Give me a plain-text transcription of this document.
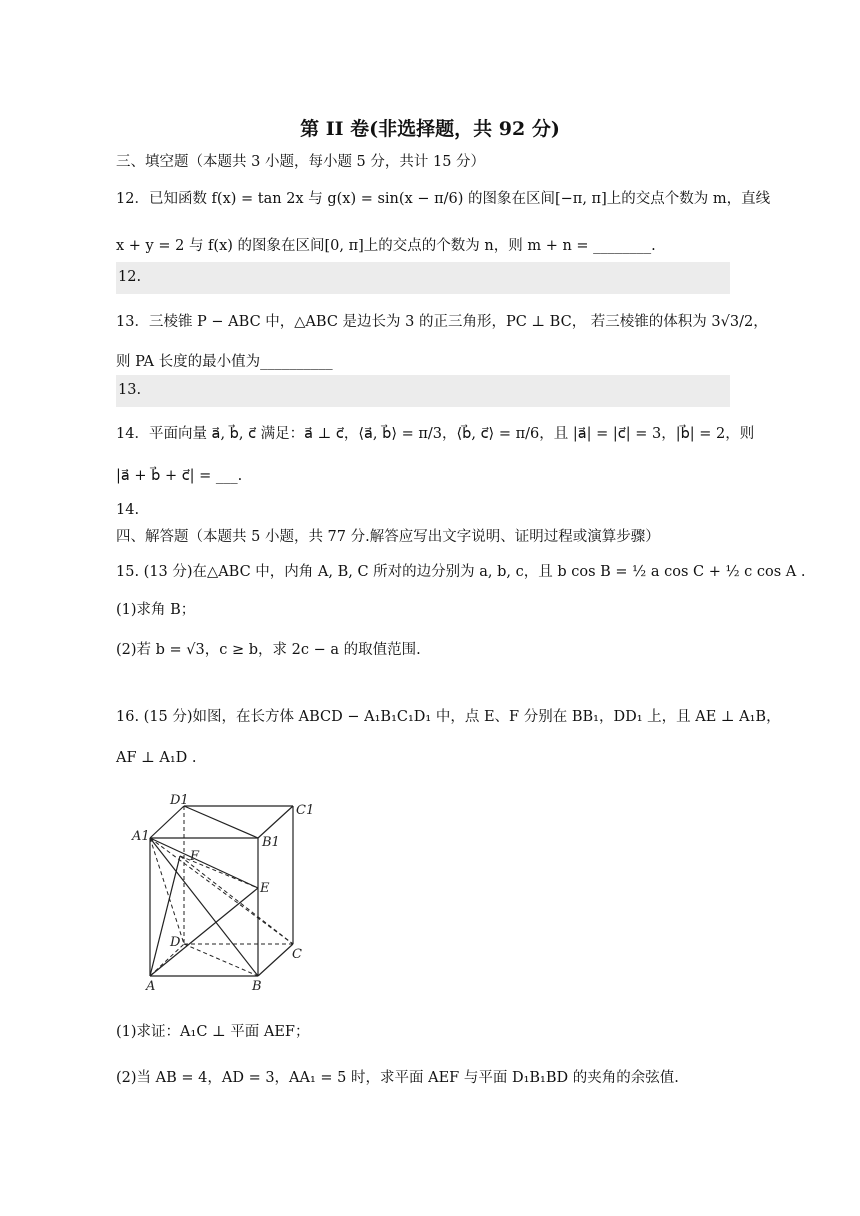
第 II 卷(非选择题，共 92 分)
三、填空题（本题共 3 小题，每小题 5 分，共计 15 分）
12．已知函数 f(x) = tan 2x 与 g(x) = sin(x − π/6) 的图象在区间[−π, π]上的交点个数为 m，直线
x + y = 2 与 f(x) 的图象在区间[0, π]上的交点的个数为 n，则 m + n = ________.
12.
13．三棱锥 P − ABC 中，△ABC 是边长为 3 的正三角形，PC ⊥ BC， 若三棱锥的体积为 3√3/2，
则 PA 长度的最小值为__________
13.
14．平面向量 a⃗, b⃗, c⃗ 满足：a⃗ ⊥ c⃗，⟨a⃗, b⃗⟩ = π/3，⟨b⃗, c⃗⟩ = π/6，且 |a⃗| = |c⃗| = 3，|b⃗| = 2，则
|a⃗ + b⃗ + c⃗| = ___.
14.
四、解答题（本题共 5 小题，共 77 分.解答应写出文字说明、证明过程或演算步骤）
15. (13 分)在△ABC 中，内角 A, B, C 所对的边分别为 a, b, c，且 b cos B = ½ a cos C + ½ c cos A .
(1)求角 B；
(2)若 b = √3，c ≥ b，求 2c − a 的取值范围.
16. (15 分)如图，在长方体 ABCD − A₁B₁C₁D₁ 中，点 E、F 分别在 BB₁，DD₁ 上，且 AE ⊥ A₁B，
AF ⊥ A₁D .
A1
D1
C1
B1
F
E
D
C
A	B
(1)求证：A₁C ⊥ 平面 AEF；
(2)当 AB = 4，AD = 3，AA₁ = 5 时，求平面 AEF 与平面 D₁B₁BD 的夹角的余弦值.
